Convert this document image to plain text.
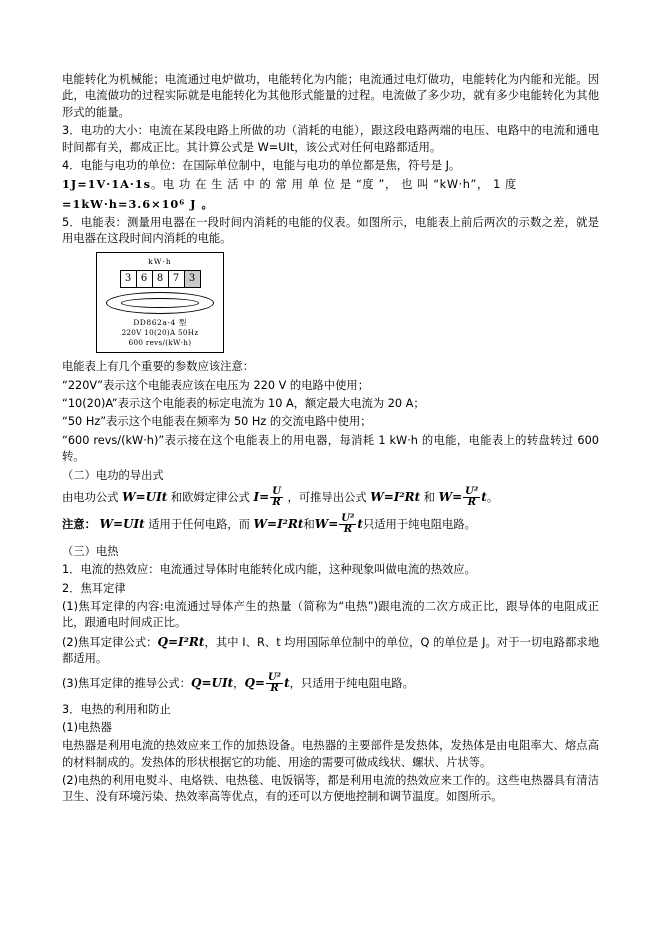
电能转化为机械能；电流通过电炉做功，电能转化为内能；电流通过电灯做功，电能转化为内能和光能。因此，电流做功的过程实际就是电能转化为其他形式能量的过程。电流做了多少功，就有多少电能转化为其他形式的能量。

3．电功的大小：电流在某段电路上所做的功（消耗的电能），跟这段电路两端的电压、电路中的电流和通电时间都有关，都成正比。其计算公式是 W=UIt，该公式对任何电路都适用。

4．电能与电功的单位：在国际单位制中，电能与电功的单位都是焦，符号是 J。

1J=1V·1A·1s。电 功 在 生 活 中 的 常 用 单 位 是 “度 ”， 也 叫 “kW·h”， 1 度

=1kW·h=3.6×10⁶ J 。

5．电能表：测量用电器在一段时间内消耗的电能的仪表。如图所示，电能表上前后两次的示数之差，就是用电器在这段时间内消耗的电能。

kW·h
3 6 8 7 3
DD862a-4 型
220V 10(20)A 50Hz
600 revs/(kW·h)

电能表上有几个重要的参数应该注意：

“220V”表示这个电能表应该在电压为 220 V 的电路中使用；

“10(20)A”表示这个电能表的标定电流为 10 A，额定最大电流为 20 A；

“50 Hz”表示这个电能表在频率为 50 Hz 的交流电路中使用；

“600 revs/(kW·h)”表示接在这个电能表上的用电器，每消耗 1 kW·h 的电能，电能表上的转盘转过 600 转。

（二）电功的导出式

由电功公式 W=UIt 和欧姆定律公式 $I= \frac{U}{R}$ ，可推导出公式 W=I²Rt 和 $W= \frac{\text{U²}}{R}$ t。

注意： W=UIt 适用于任何电路，而 W=I²Rt和$W= \frac{\text{U²}}{R}$ t只适用于纯电阻电路。

（三）电热

1．电流的热效应：电流通过导体时电能转化成内能，这种现象叫做电流的热效应。

2．焦耳定律

(1)焦耳定律的内容:电流通过导体产生的热量（简称为“电热”)跟电流的二次方成正比，跟导体的电阻成正比，跟通电时间成正比。

(2)焦耳定律公式：Q=I²Rt，其中 I、R、t 均用国际单位制中的单位，Q 的单位是 J。对于一切电路都求地都适用。

(3)焦耳定律的推导公式：Q=UIt，$Q= \frac{\text{U²}}{R}$ t，只适用于纯电阻电路。

3．电热的利用和防止

(1)电热器

电热器是利用电流的热效应来工作的加热设备。电热器的主要部件是发热体，发热体是由电阻率大、熔点高的材料制成的。发热体的形状根据它的功能、用途的需要可做成线状、螺状、片状等。

(2)电热的利用电熨斗、电烙铁、电热毯、电饭锅等，都是利用电流的热效应来工作的。这些电热器具有清洁卫生、没有环境污染、热效率高等优点，有的还可以方便地控制和调节温度。如图所示。
